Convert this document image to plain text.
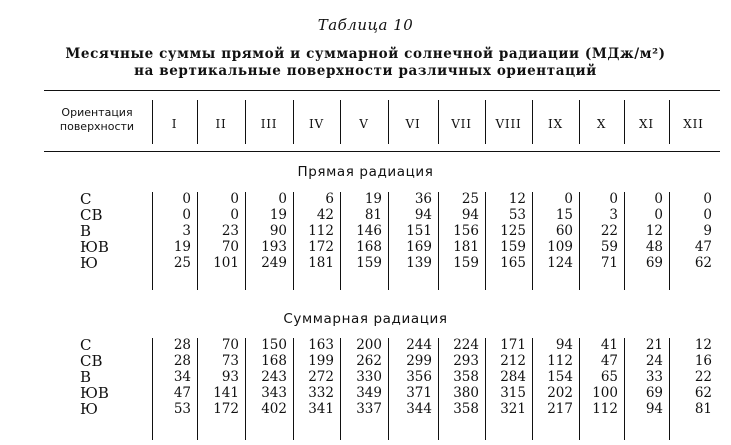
Таблица 10
Месячные суммы прямой и суммарной солнечной радиации (МДж/м²)
на вертикальные поверхности различных ориентаций
Ориентация
поверхности	I	II	III	IV	V	VI	VII	VIII	IX	X	XI	XII
Прямая радиация
С	0	0	0	6	19	36	25	12	0	0	0	0
СВ	0	0	19	42	81	94	94	53	15	3	0	0
В	3	23	90	112	146	151	156	125	60	22	12	9
ЮВ	19	70	193	172	168	169	181	159	109	59	48	47
Ю	25	101	249	181	159	139	159	165	124	71	69	62
Суммарная радиация
С	28	70	150	163	200	244	224	171	94	41	21	12
СВ	28	73	168	199	262	299	293	212	112	47	24	16
В	34	93	243	272	330	356	358	284	154	65	33	22
ЮВ	47	141	343	332	349	371	380	315	202	100	69	62
Ю	53	172	402	341	337	344	358	321	217	112	94	81
